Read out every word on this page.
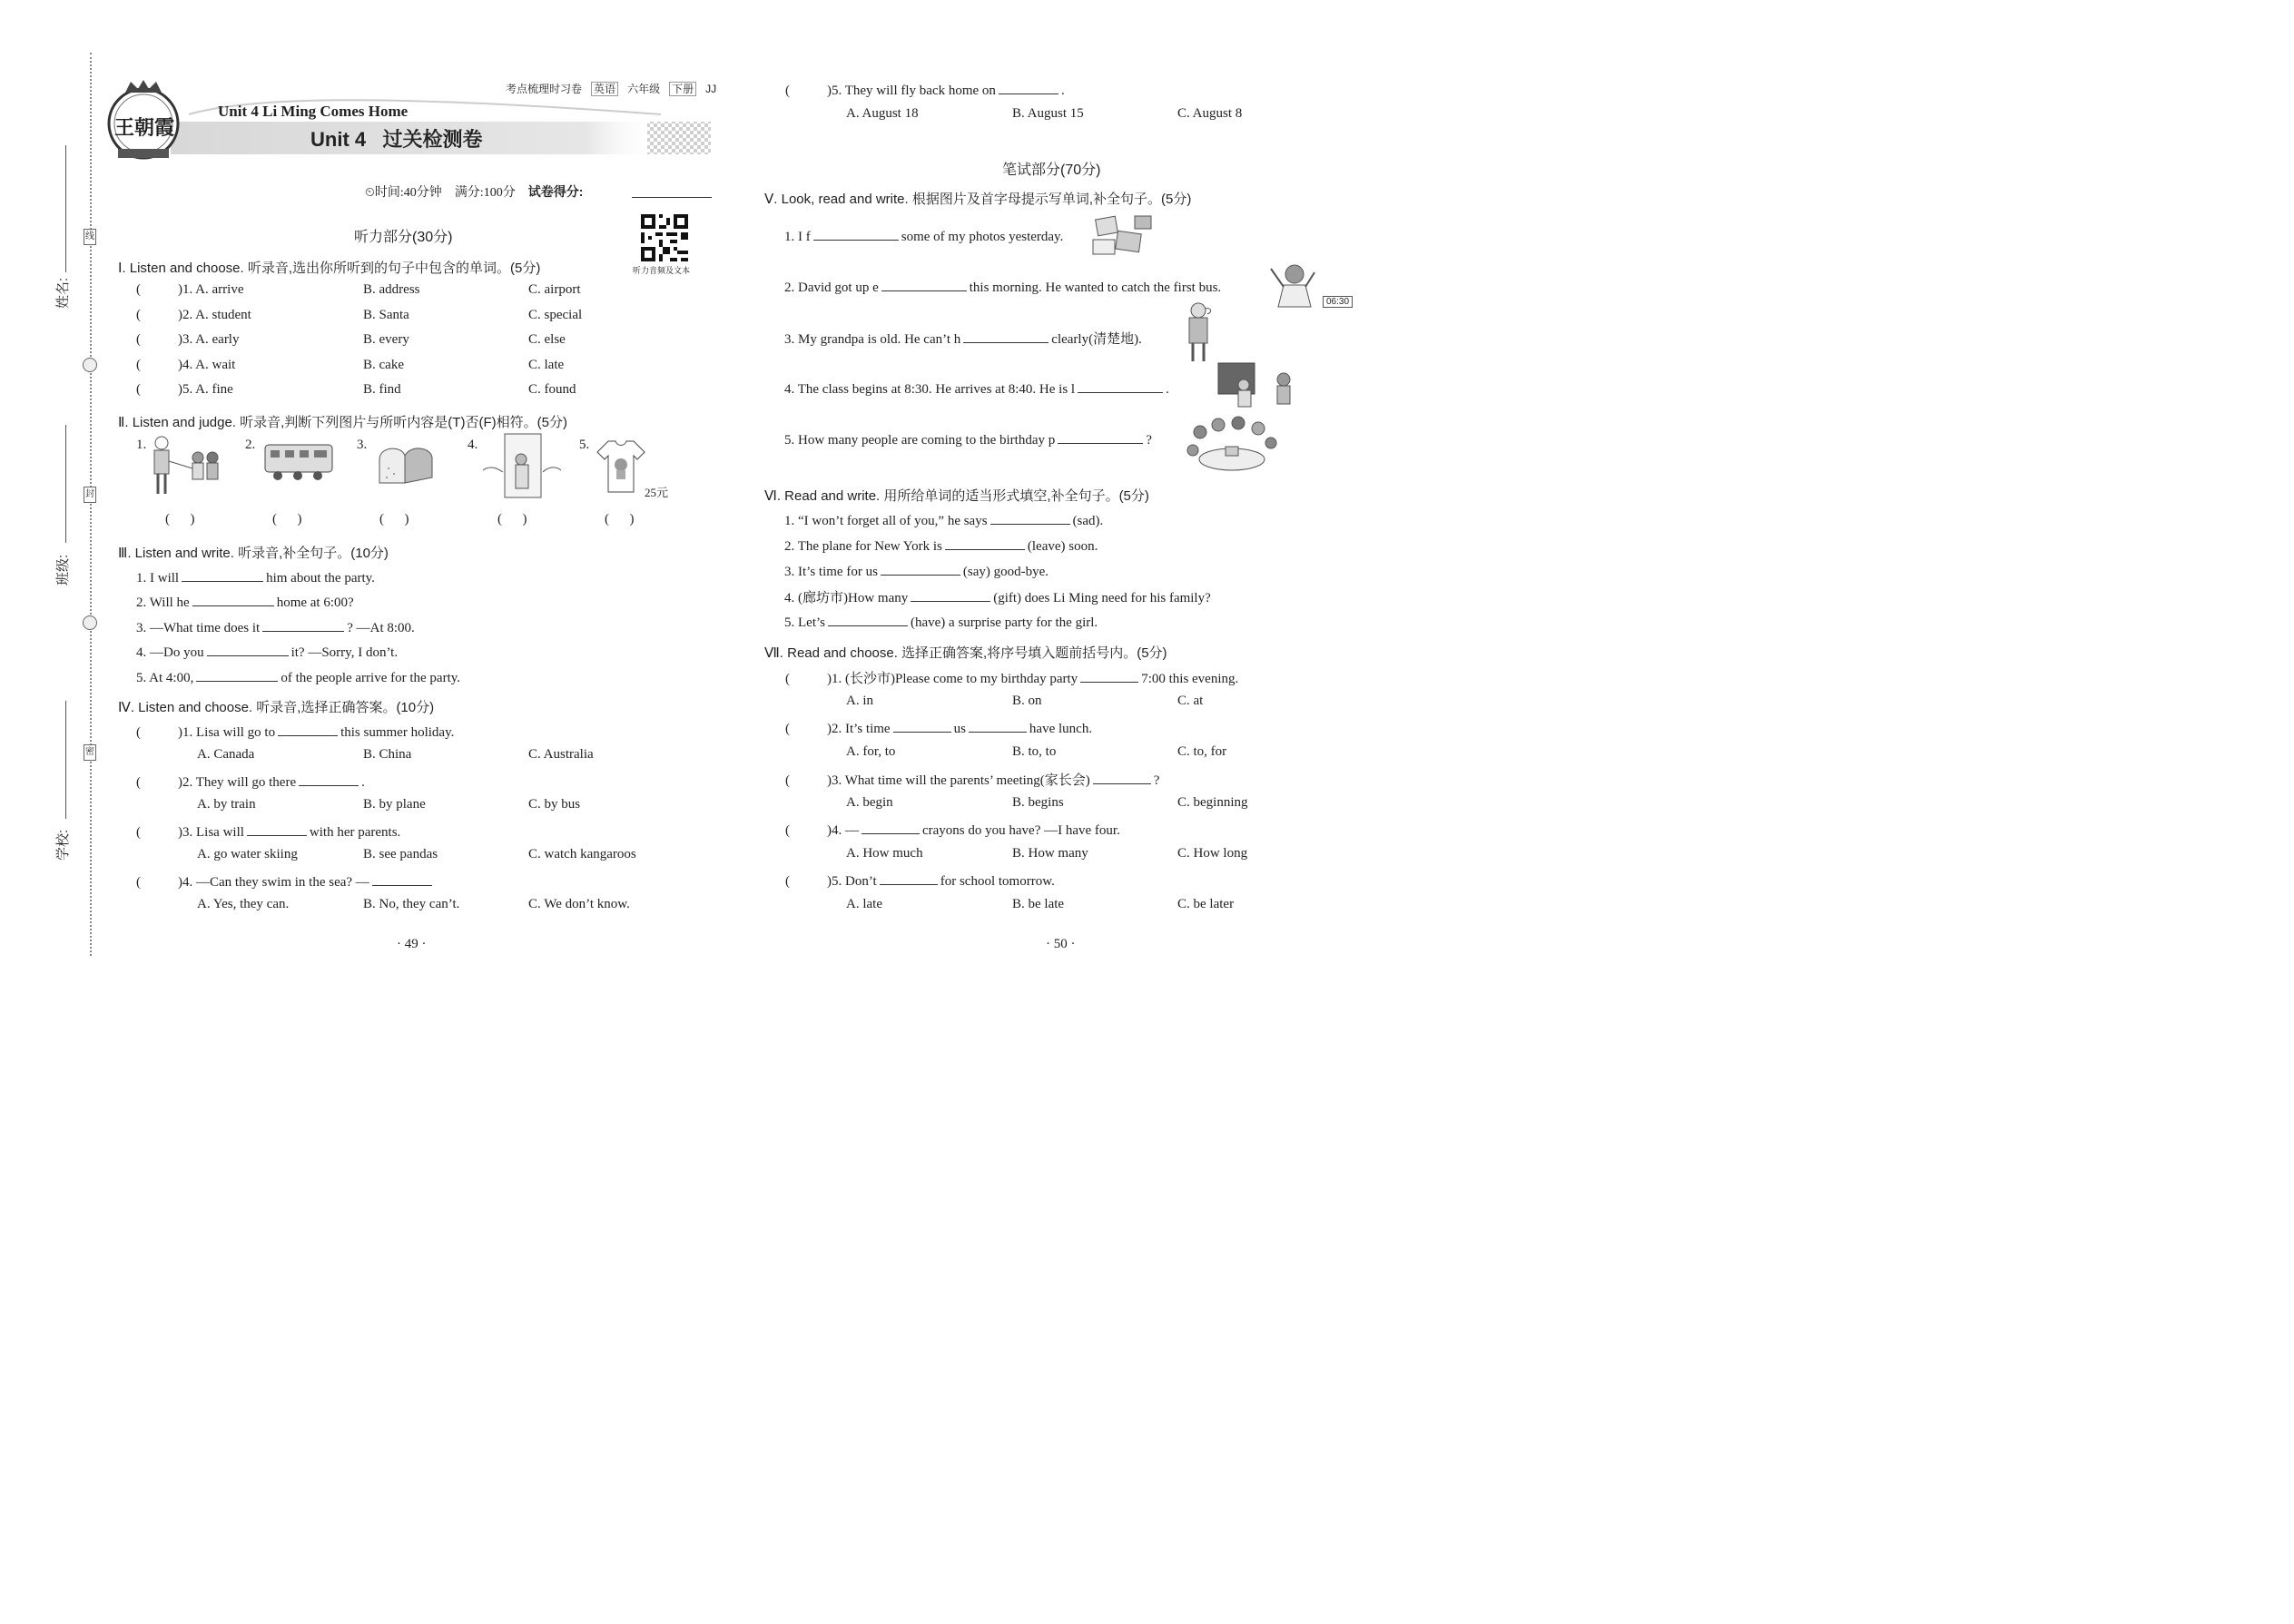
姓名:
班级:
学校:
线
封
密
考点梳理时习卷 英语 六年级 下册 JJ
王朝霞
Unit 4 Li Ming Comes Home
Unit 4   过关检测卷
⏲时间:40分钟 满分:100分 试卷得分:
听力音频及文本
听力部分(30分)
Ⅰ. Listen and choose. 听录音,选出你所听到的句子中包含的单词。(5分)
(	)1. A. arrive	B. address	C. airport
(	)2. A. student	B. Santa	C. special
(	)3. A. early	B. every	C. else
(	)4. A. wait	B. cake	C. late
(	)5. A. fine	B. find	C. found
Ⅱ. Listen and judge. 听录音,判断下列图片与所听内容是(T)否(F)相符。(5分)
1.	2.	3.	4.	5.
25元
(      )	(      )	(      )	(      )	(      )
Ⅲ. Listen and write. 听录音,补全句子。(10分)
1. I will	him about the party.
2. Will he	home at 6:00?
3. —What time does it	? —At 8:00.
4. —Do you	it? —Sorry, I don’t.
5. At 4:00,	of the people arrive for the party.
Ⅳ. Listen and choose. 听录音,选择正确答案。(10分)
(	)1. Lisa will go to	this summer holiday.
A. Canada	B. China	C. Australia
(	)2. They will go there	.
A. by train	B. by plane	C. by bus
(	)3. Lisa will	with her parents.
A. go water skiing	B. see pandas	C. watch kangaroos
(	)4. —Can they swim in the sea? —
A. Yes, they can.	B. No, they can’t.	C. We don’t know.
(	)5. They will fly back home on	.
A. August 18	B. August 15	C. August 8
· 49 ·
笔试部分(70分)
Ⅴ. Look, read and write. 根据图片及首字母提示写单词,补全句子。(5分)
1. I f	some of my photos yesterday.
2. David got up e	this morning. He wanted to catch the first bus.
3. My grandpa is old. He can’t h	clearly(清楚地).
4. The class begins at 8:30. He arrives at 8:40. He is l	.
5. How many people are coming to the birthday p	?
06:30
Ⅵ. Read and write. 用所给单词的适当形式填空,补全句子。(5分)
1. “I won’t forget all of you,” he says	(sad).
2. The plane for New York is	(leave) soon.
3. It’s time for us	(say) good-bye.
4. (廊坊市)How many	(gift) does Li Ming need for his family?
5. Let’s	(have) a surprise party for the girl.
Ⅶ. Read and choose. 选择正确答案,将序号填入题前括号内。(5分)
(	)1. (长沙市)Please come to my birthday party	7:00 this evening.
A. in	B. on	C. at
(	)2. It’s time	us	have lunch.
A. for, to	B. to, to	C. to, for
(	)3. What time will the parents’ meeting(家长会)	?
A. begin	B. begins	C. beginning
(	)4. —	crayons do you have? —I have four.
A. How much	B. How many	C. How long
(	)5. Don’t	for school tomorrow.
A. late	B. be late	C. be later
· 50 ·
